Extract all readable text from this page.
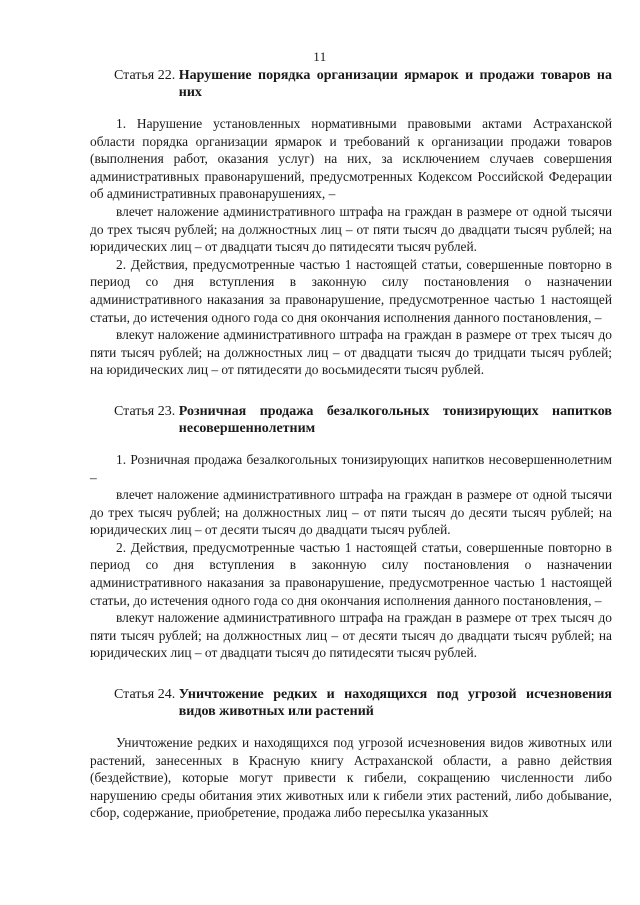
11
Статья 22. Нарушение порядка организации ярмарок и продажи товаров на них

1. Нарушение установленных нормативными правовыми актами Астраханской области порядка организации ярмарок и требований к организации продажи товаров (выполнения работ, оказания услуг) на них, за исключением случаев совершения административных правонарушений, предусмотренных Кодексом Российской Федерации об административных правонарушениях, –

влечет наложение административного штрафа на граждан в размере от одной тысячи до трех тысяч рублей; на должностных лиц – от пяти тысяч до двадцати тысяч рублей; на юридических лиц – от двадцати тысяч до пятидесяти тысяч рублей.

2. Действия, предусмотренные частью 1 настоящей статьи, совершенные повторно в период со дня вступления в законную силу постановления о назначении административного наказания за правонарушение, предусмотренное частью 1 настоящей статьи, до истечения одного года со дня окончания исполнения данного постановления, –

влекут наложение административного штрафа на граждан в размере от трех тысяч до пяти тысяч рублей; на должностных лиц – от двадцати тысяч до тридцати тысяч рублей; на юридических лиц – от пятидесяти до восьмидесяти тысяч рублей.

Статья 23. Розничная продажа безалкогольных тонизирующих напитков несовершеннолетним

1. Розничная продажа безалкогольных тонизирующих напитков несовершеннолетним –

влечет наложение административного штрафа на граждан в размере от одной тысячи до трех тысяч рублей; на должностных лиц – от пяти тысяч до десяти тысяч рублей; на юридических лиц – от десяти тысяч до двадцати тысяч рублей.

2. Действия, предусмотренные частью 1 настоящей статьи, совершенные повторно в период со дня вступления в законную силу постановления о назначении административного наказания за правонарушение, предусмотренное частью 1 настоящей статьи, до истечения одного года со дня окончания исполнения данного постановления, –

влекут наложение административного штрафа на граждан в размере от трех тысяч до пяти тысяч рублей; на должностных лиц – от десяти тысяч до двадцати тысяч рублей; на юридических лиц – от двадцати тысяч до пятидесяти тысяч рублей.

Статья 24. Уничтожение редких и находящихся под угрозой исчезновения видов животных или растений

Уничтожение редких и находящихся под угрозой исчезновения видов животных или растений, занесенных в Красную книгу Астраханской области, а равно действия (бездействие), которые могут привести к гибели, сокращению численности либо нарушению среды обитания этих животных или к гибели этих растений, либо добывание, сбор, содержание, приобретение, продажа либо пересылка указанных
